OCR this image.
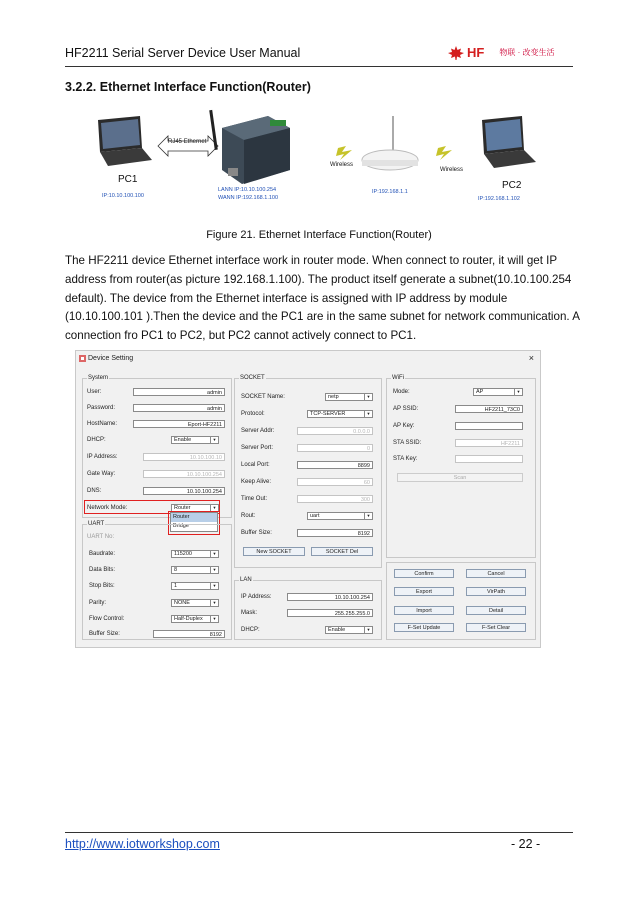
HF2211 Serial Server Device User Manual	HF 物联 · 改变生活
3.2.2. Ethernet Interface Function(Router)
RJ45 Ethernet
PC1
IP:10.10.100.100
LANN IP:10.10.100.254
WANN IP:192.168.1.100
Wireless
IP:192.168.1.1
Wireless
PC2
IP:192.168.1.102
Figure 21. Ethernet Interface Function(Router)
The HF2211 device Ethernet interface work in router mode. When connect to router, it will get IP
address from router(as picture 192.168.1.100). The product itself generate a subnet(10.10.100.254
default). The device from the Ethernet interface is assigned with IP address by module
(10.10.100.101 ).Then the device and the PC1 are in the same subnet for network communication. A
connection fro PC1 to PC2, but PC2 cannot actively connect to PC1.
Device Setting	×
System
User:	admin
Password:	admin
HostName:	Eport-HF2211
DHCP:	Enable	▼
IP Address:	10.10.100.10
Gate Way:	10.10.100.254
DNS:	10.10.100.254
Network Mode:	Router	▼
Router
Bridge
UART
UART No:
Baudrate:	115200	▼
Data Bits:	8	▼
Stop Bits:	1	▼
Parity:	NONE	▼
Flow Control:	Half-Duplex	▼
Buffer Size:	8192
SOCKET
SOCKET Name:	netp	▼
Protocol:	TCP-SERVER	▼
Server Addr:	0.0.0.0
Server Port:	0
Local Port:	8899
Keep Alive:	60
Time Out:	300
Rout:	uart	▼
Buffer Size:	8192
New SOCKET	SOCKET Del
LAN
IP Address:	10.10.100.254
Mask:	255.255.255.0
DHCP:	Enable	▼
WiFi
Mode:	AP	▼
AP SSID:	HF2211_73C0
AP Key:
STA SSID:	HF2211
STA Key:
Scan
Confirm	Cancel
Export	VirPath
Import	Detail
F-Set Update	F-Set Clear
http://www.iotworkshop.com	- 22 -
